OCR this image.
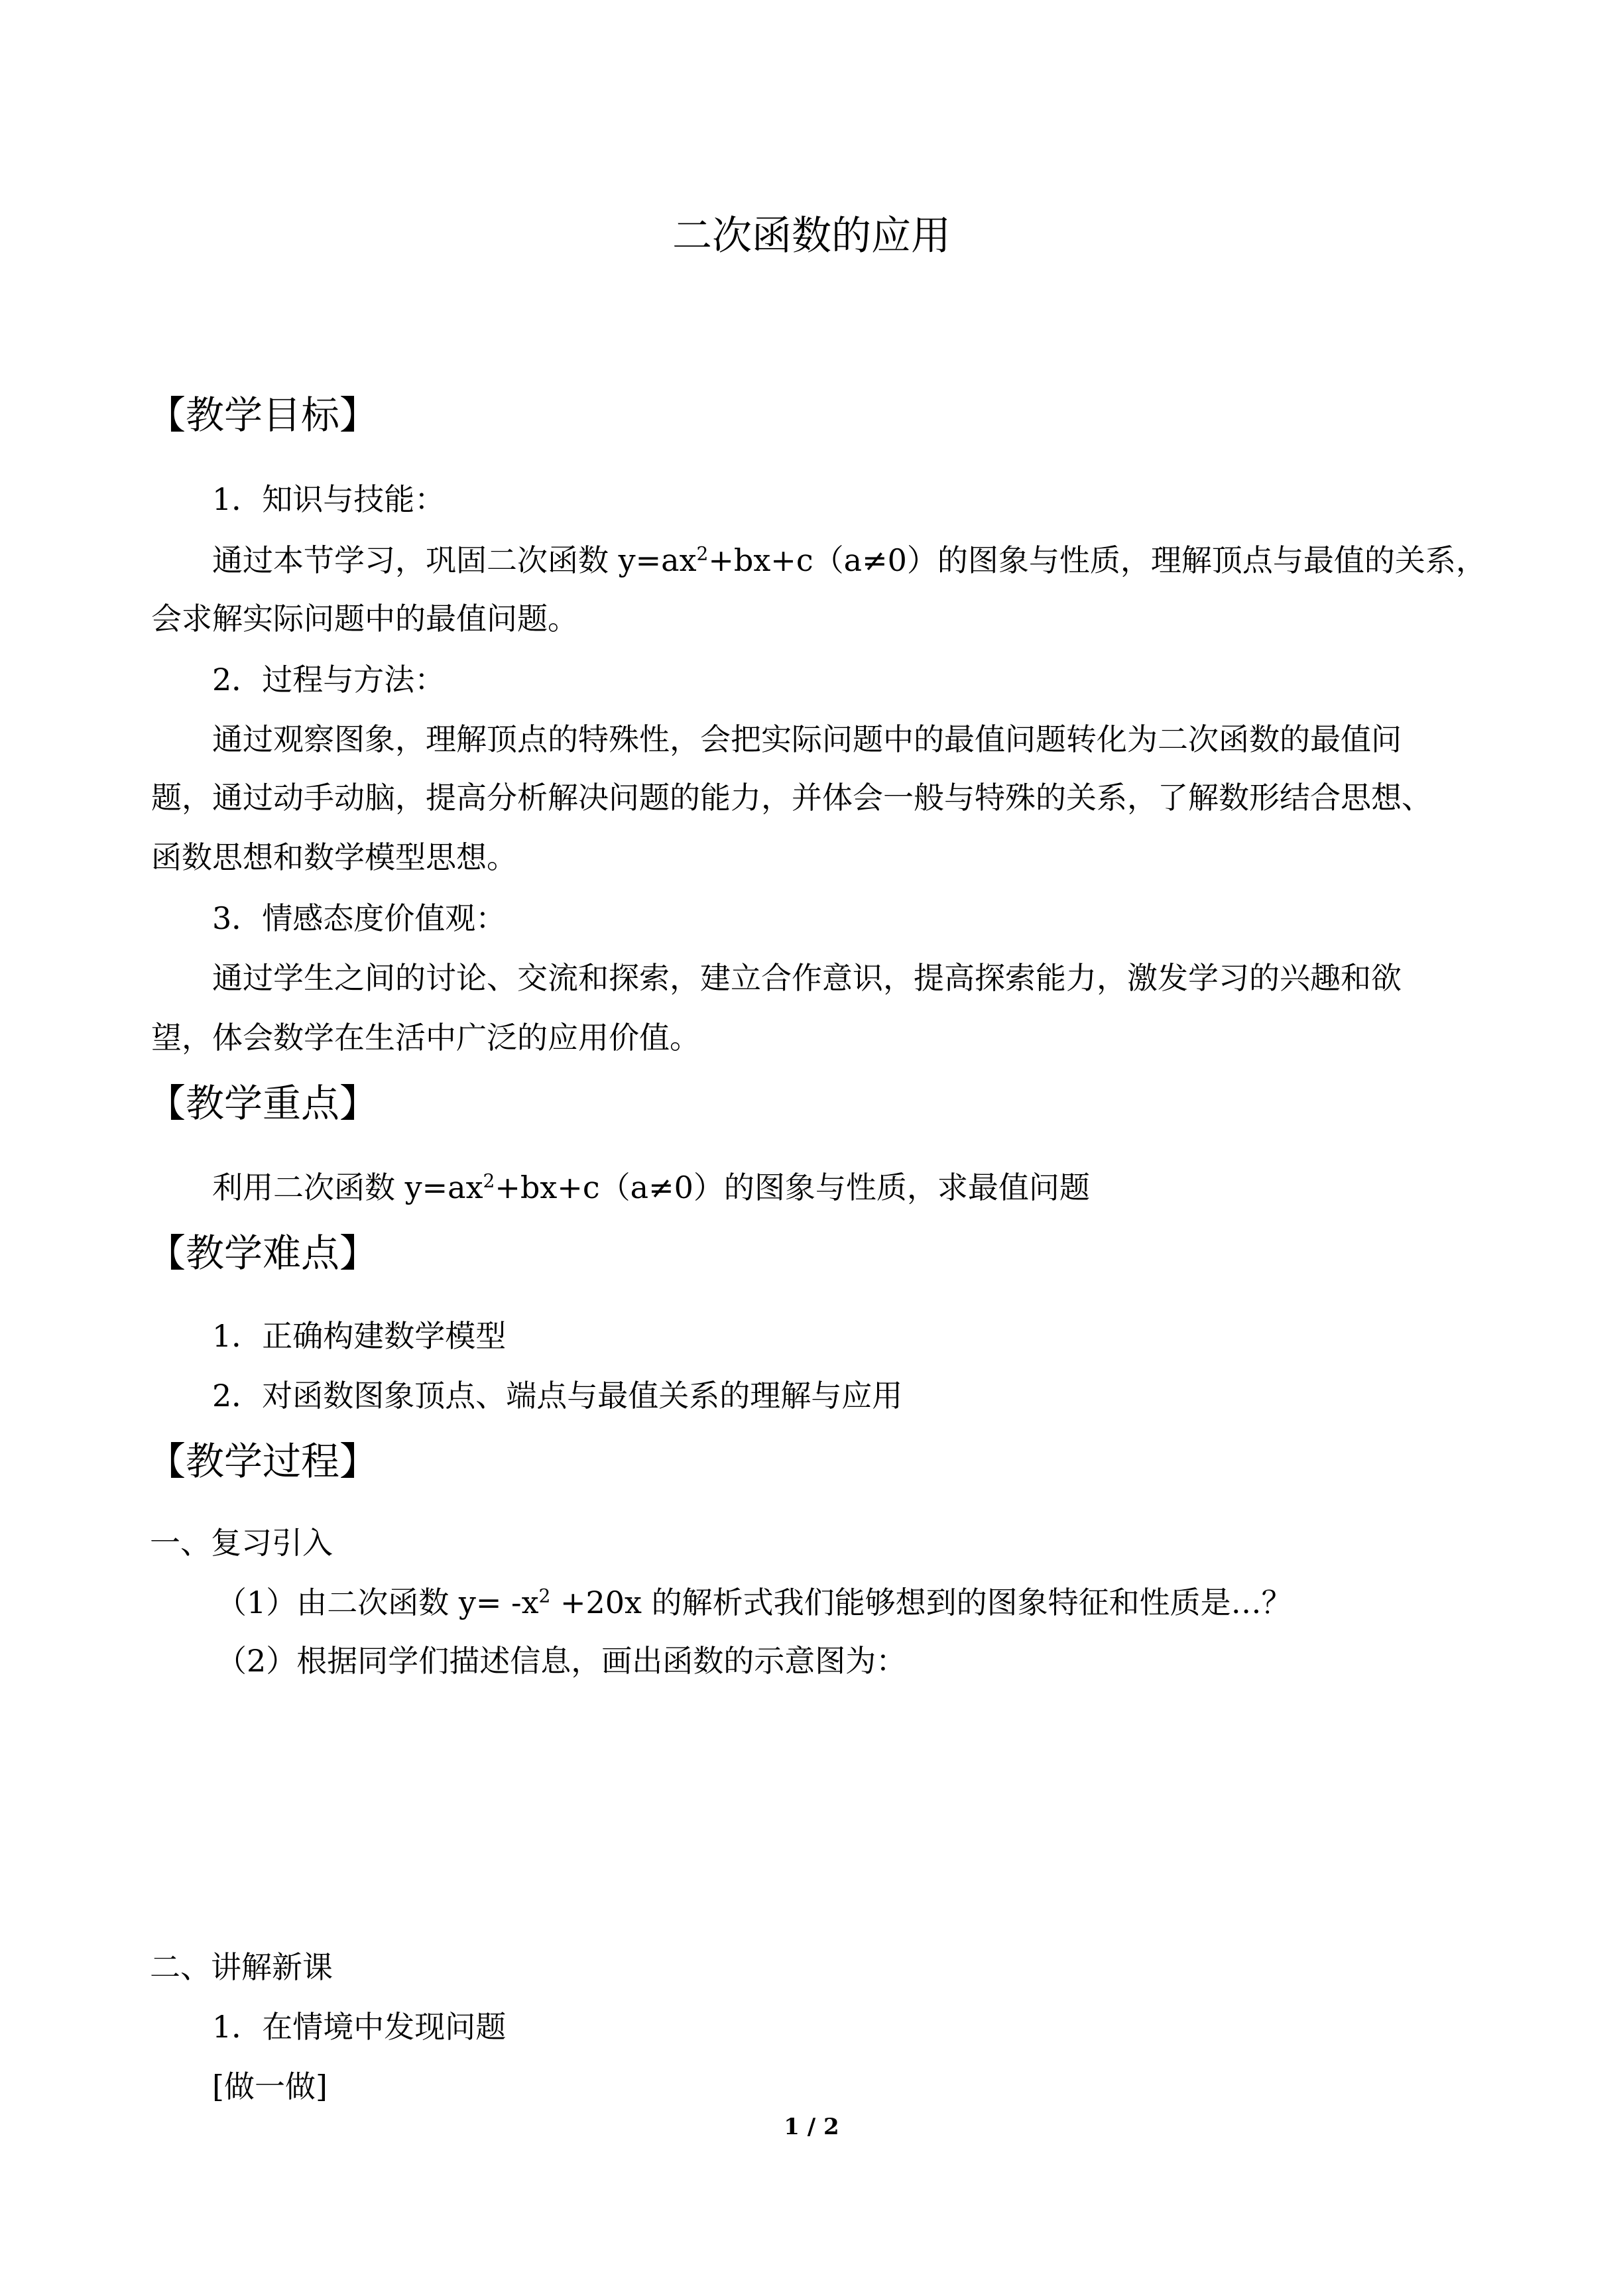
二次函数的应用
【教学目标】
1．知识与技能：
通过本节学习，巩固二次函数 $y=ax^2+bx+c(a\ne 0)$的图象与性质，理解顶点与最值的关系，
会求解实际问题中的最值问题。
2．过程与方法：
通过观察图象，理解顶点的特殊性，会把实际问题中的最值问题转化为二次函数的最值问
题，通过动手动脑，提高分析解决问题的能力，并体会一般与特殊的关系，了解数形结合思想、
函数思想和数学模型思想。
3．情感态度价值观：
通过学生之间的讨论、交流和探索，建立合作意识，提高探索能力，激发学习的兴趣和欲
望，体会数学在生活中广泛的应用价值。
【教学重点】
利用二次函数 $y=ax^2+bx+c(a\ne 0)$的图象与性质，求最值问题
【教学难点】
1．正确构建数学模型
2．对函数图象顶点、端点与最值关系的理解与应用
【教学过程】
一、复习引入
（1）由二次函数 $y= -x^2 +20x$ 的解析式我们能够想到的图象特征和性质是…？
（2）根据同学们描述信息，画出函数的示意图为：
二、讲解新课
1．在情境中发现问题
[做一做]
1 / 2
